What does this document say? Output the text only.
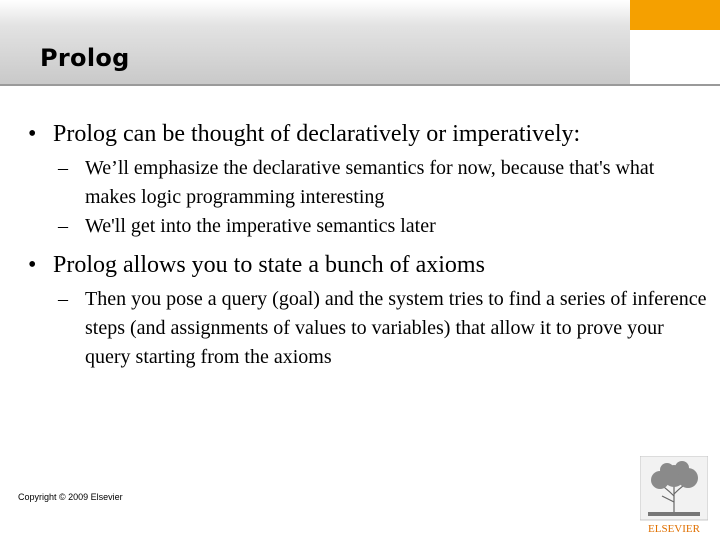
Prolog
• Prolog can be thought of declaratively or imperatively:
– We’ll emphasize the declarative semantics for now, because that's what makes logic programming interesting
– We'll get into the imperative semantics later
• Prolog allows you to state a bunch of axioms
– Then you pose a query (goal) and the system tries to find a series of inference steps (and assignments of values to variables) that allow it to prove your query starting from the axioms
Copyright © 2009 Elsevier
ELSEVIER
